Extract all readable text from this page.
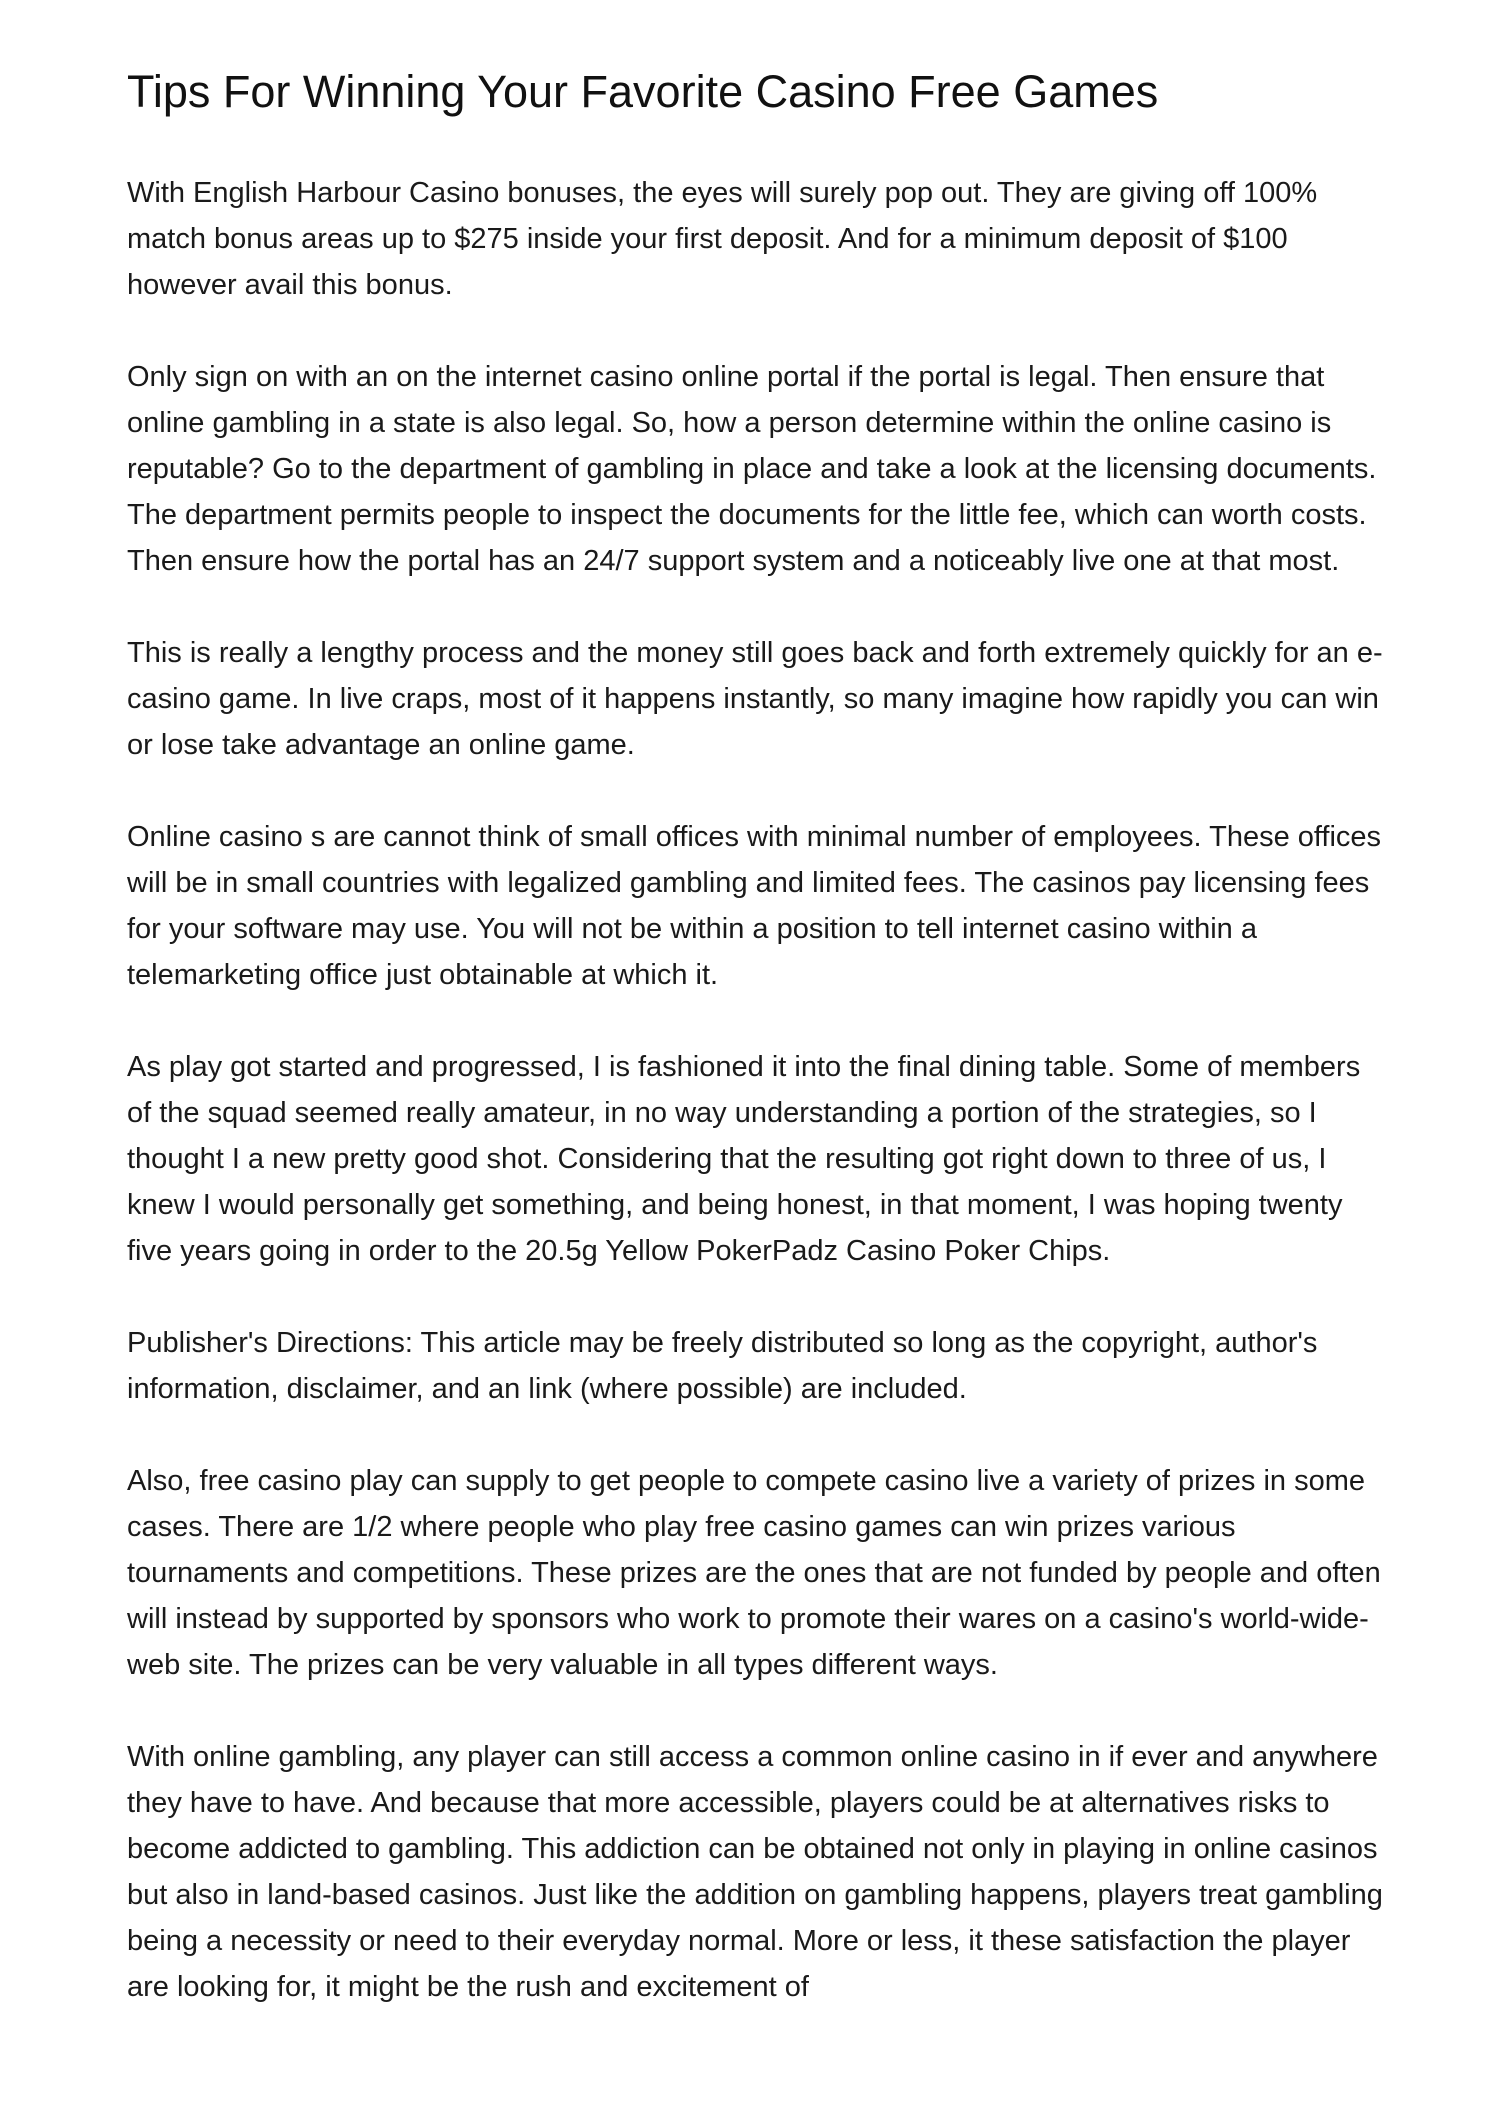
Tips For Winning Your Favorite Casino Free Games

With English Harbour Casino bonuses, the eyes will surely pop out. They are giving off 100% match bonus areas up to $275 inside your first deposit. And for a minimum deposit of $100 however avail this bonus.

Only sign on with an on the internet casino online portal if the portal is legal. Then ensure that online gambling in a state is also legal. So, how a person determine within the online casino is reputable? Go to the department of gambling in place and take a look at the licensing documents. The department permits people to inspect the documents for the little fee, which can worth costs. Then ensure how the portal has an 24/7 support system and a noticeably live one at that most.

This is really a lengthy process and the money still goes back and forth extremely quickly for an e-casino game. In live craps, most of it happens instantly, so many imagine how rapidly you can win or lose take advantage an online game.

Online casino s are cannot think of small offices with minimal number of employees. These offices will be in small countries with legalized gambling and limited fees. The casinos pay licensing fees for your software may use. You will not be within a position to tell internet casino within a telemarketing office just obtainable at which it.

As play got started and progressed, I is fashioned it into the final dining table. Some of members of the squad seemed really amateur, in no way understanding a portion of the strategies, so I thought I a new pretty good shot. Considering that the resulting got right down to three of us, I knew I would personally get something, and being honest, in that moment, I was hoping twenty five years going in order to the 20.5g Yellow PokerPadz Casino Poker Chips.

Publisher's Directions: This article may be freely distributed so long as the copyright, author's information, disclaimer, and an link (where possible) are included.

Also, free casino play can supply to get people to compete casino live a variety of prizes in some cases. There are 1/2 where people who play free casino games can win prizes various tournaments and competitions. These prizes are the ones that are not funded by people and often will instead by supported by sponsors who work to promote their wares on a casino's world-wide-web site. The prizes can be very valuable in all types different ways.

With online gambling, any player can still access a common online casino in if ever and anywhere they have to have. And because that more accessible, players could be at alternatives risks to become addicted to gambling. This addiction can be obtained not only in playing in online casinos but also in land-based casinos. Just like the addition on gambling happens, players treat gambling being a necessity or need to their everyday normal. More or less, it these satisfaction the player are looking for, it might be the rush and excitement of
